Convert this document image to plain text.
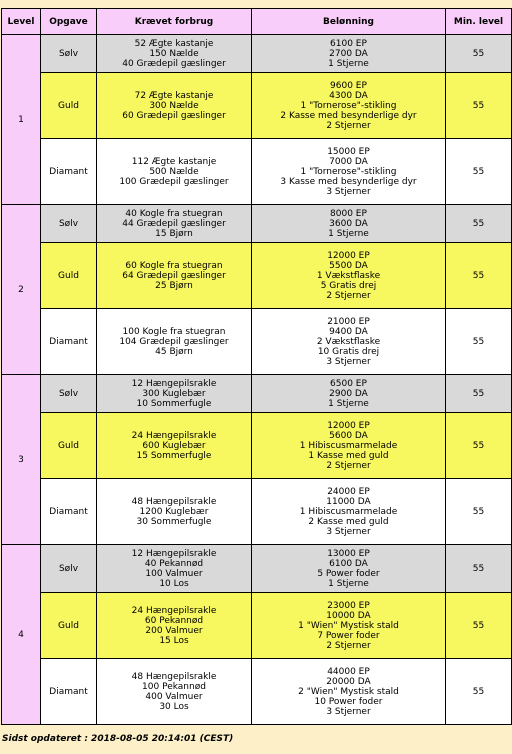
Level	Opgave	Krævet forbrug	Belønning	Min. level
1	Sølv	52 Ægte kastanje
150 Nælde
40 Grædepil gæslinger	6100 EP
2700 DA
1 Stjerne	55
	Guld	72 Ægte kastanje
300 Nælde
60 Grædepil gæslinger	9600 EP
4300 DA
1 "Tornerose"-stikling
2 Kasse med besynderlige dyr
2 Stjerner	55
	Diamant	112 Ægte kastanje
500 Nælde
100 Grædepil gæslinger	15000 EP
7000 DA
1 "Tornerose"-stikling
3 Kasse med besynderlige dyr
3 Stjerner	55
2	Sølv	40 Kogle fra stuegran
44 Grædepil gæslinger
15 Bjørn	8000 EP
3600 DA
1 Stjerne	55
	Guld	60 Kogle fra stuegran
64 Grædepil gæslinger
25 Bjørn	12000 EP
5500 DA
1 Vækstflaske
5 Gratis drej
2 Stjerner	55
	Diamant	100 Kogle fra stuegran
104 Grædepil gæslinger
45 Bjørn	21000 EP
9400 DA
2 Vækstflaske
10 Gratis drej
3 Stjerner	55
3	Sølv	12 Hængepilsrakle
300 Kuglebær
10 Sommerfugle	6500 EP
2900 DA
1 Stjerne	55
	Guld	24 Hængepilsrakle
600 Kuglebær
15 Sommerfugle	12000 EP
5600 DA
1 Hibiscusmarmelade
1 Kasse med guld
2 Stjerner	55
	Diamant	48 Hængepilsrakle
1200 Kuglebær
30 Sommerfugle	24000 EP
11000 DA
1 Hibiscusmarmelade
2 Kasse med guld
3 Stjerner	55
4	Sølv	12 Hængepilsrakle
40 Pekannød
100 Valmuer
10 Los	13000 EP
6100 DA
5 Power foder
1 Stjerne	55
	Guld	24 Hængepilsrakle
60 Pekannød
200 Valmuer
15 Los	23000 EP
10000 DA
1 "Wien" Mystisk stald
7 Power foder
2 Stjerner	55
	Diamant	48 Hængepilsrakle
100 Pekannød
400 Valmuer
30 Los	44000 EP
20000 DA
2 "Wien" Mystisk stald
10 Power foder
3 Stjerner	55
Sidst opdateret : 2018-08-05 20:14:01 (CEST)
